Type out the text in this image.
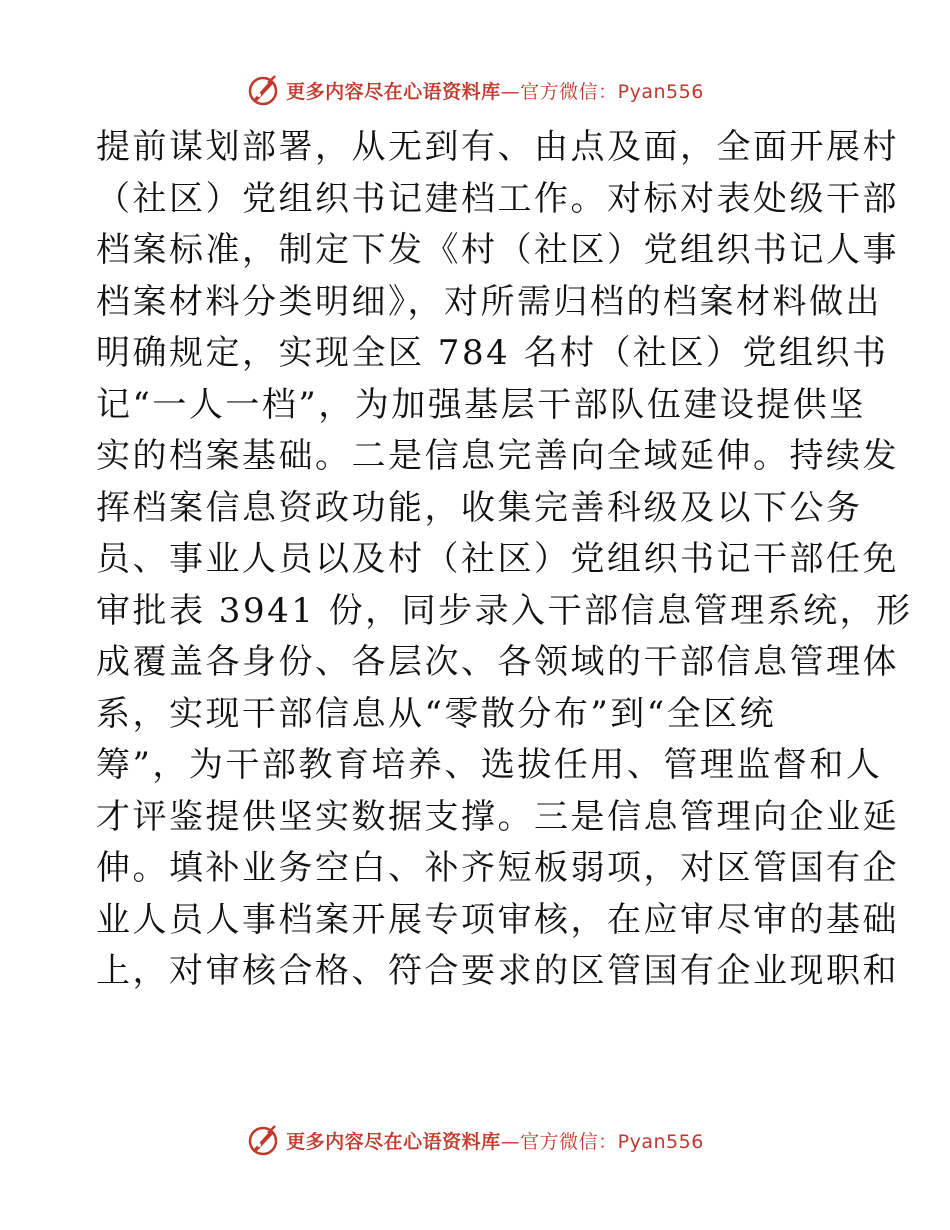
更多内容尽在心语资料库—官方微信：Pyan556
提前谋划部署，从无到有、由点及面，全面开展村
（社区）党组织书记建档工作。对标对表处级干部
档案标准，制定下发《村（社区）党组织书记人事
档案材料分类明细》，对所需归档的档案材料做出
明确规定，实现全区 784 名村（社区）党组织书
记“一人一档”，为加强基层干部队伍建设提供坚
实的档案基础。二是信息完善向全域延伸。持续发
挥档案信息资政功能，收集完善科级及以下公务
员、事业人员以及村（社区）党组织书记干部任免
审批表 3941 份，同步录入干部信息管理系统，形
成覆盖各身份、各层次、各领域的干部信息管理体
系，实现干部信息从“零散分布”到“全区统
筹”，为干部教育培养、选拔任用、管理监督和人
才评鉴提供坚实数据支撑。三是信息管理向企业延
伸。填补业务空白、补齐短板弱项，对区管国有企
业人员人事档案开展专项审核，在应审尽审的基础
上，对审核合格、符合要求的区管国有企业现职和
更多内容尽在心语资料库—官方微信：Pyan556
